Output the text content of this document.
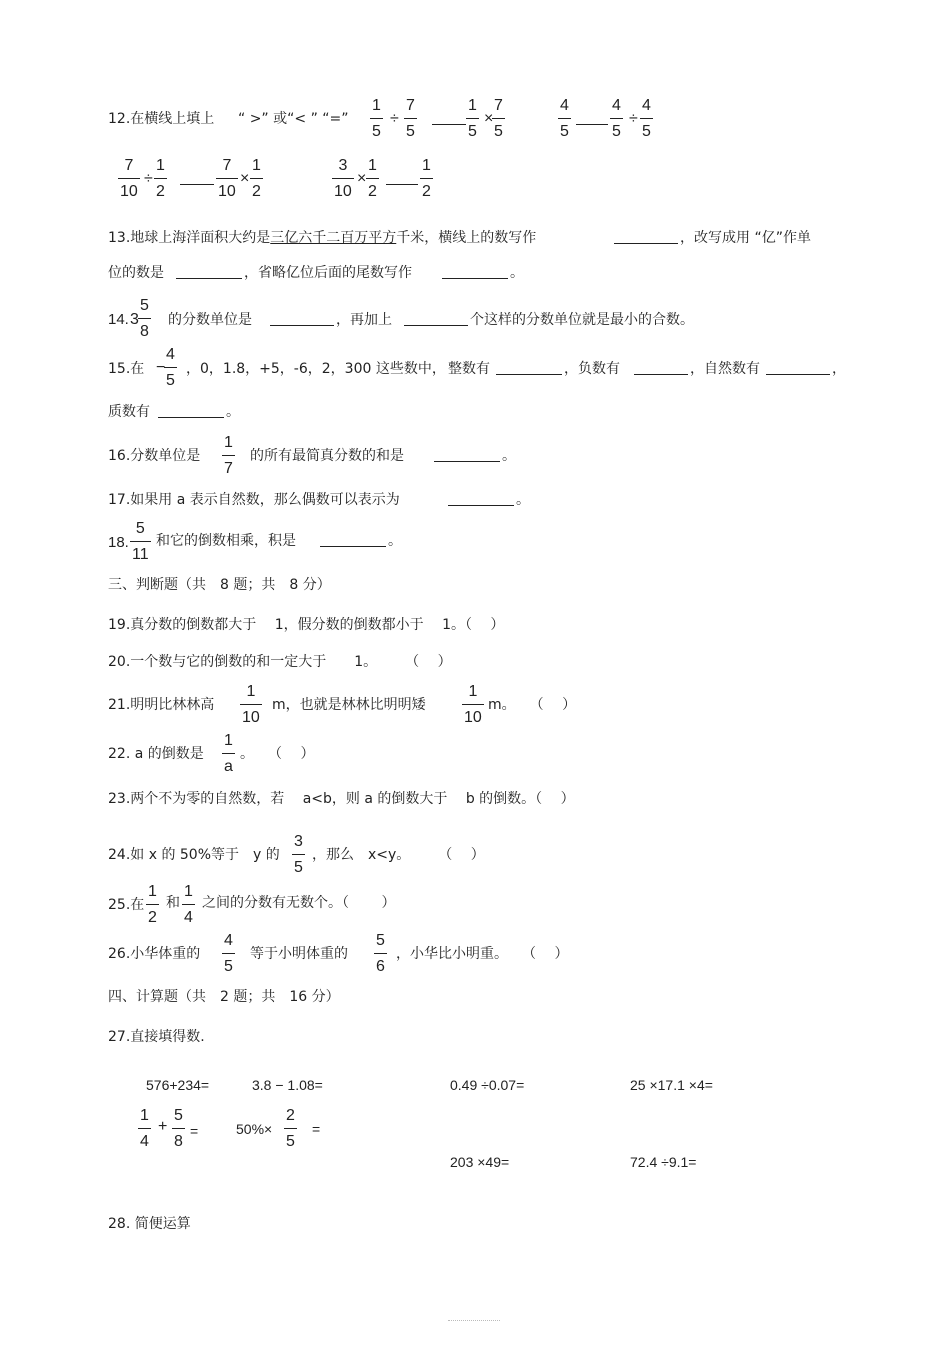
12.在横线上填上 “ >” 或“< ” “=”
1
5
÷
7
5
1
5
×
7
5
4
5
4
5
÷
4
5
7
10
÷
1
2
7
10
×
1
2
3
10
×
1
2
1
2
13.地球上海洋面积大约是三亿六千二百万平方千米，横线上的数写作	，改写成用 “亿”作单
位的数是	，省略亿位后面的尾数写作	。
14. 3
5
8
的分数单位是	，再加上	个这样的分数单位就是最小的合数。
15.在 −
4
5
，0，1.8，+5，-6，2，300 这些数中， 整数有	，负数有	，自然数有	，
质数有	。
16.分数单位是
1
7
的所有最简真分数的和是	。
17.如果用 a 表示自然数，那么偶数可以表示为	。
18.
5
11
和它的倒数相乘，积是	。
三、判断题（共　8 题；共　8 分）
19.真分数的倒数都大于　 1，假分数的倒数都小于　 1。（　 ）
20.一个数与它的倒数的和一定大于　　1。　　　（　 ）
21.明明比林林高
1
10
m，也就是林林比明明矮
1
10
m。　　（　 ）
22. a 的倒数是
1
a
。　　（　 ）
23.两个不为零的自然数，若　 a<b，则 a 的倒数大于　 b 的倒数。（　 ）
24.如 x 的 50%等于　y 的
3
5
，那么　x<y。　　　（　 ）
25.在
1
2
和
1
4
之间的分数有无数个。（　　 ）
26.小华体重的
4
5
等于小明体重的
5
6
，小华比小明重。　　（　 ）
四、计算题（共　2 题；共　16 分）
27.直接填得数.
576+234=	3.8 − 1.08=	0.49 ÷0.07=	25 ×17.1 ×4=
1
4
+
5
8
=	50%×
2
5
=
203 ×49=	72.4 ÷9.1=
28. 简便运算
